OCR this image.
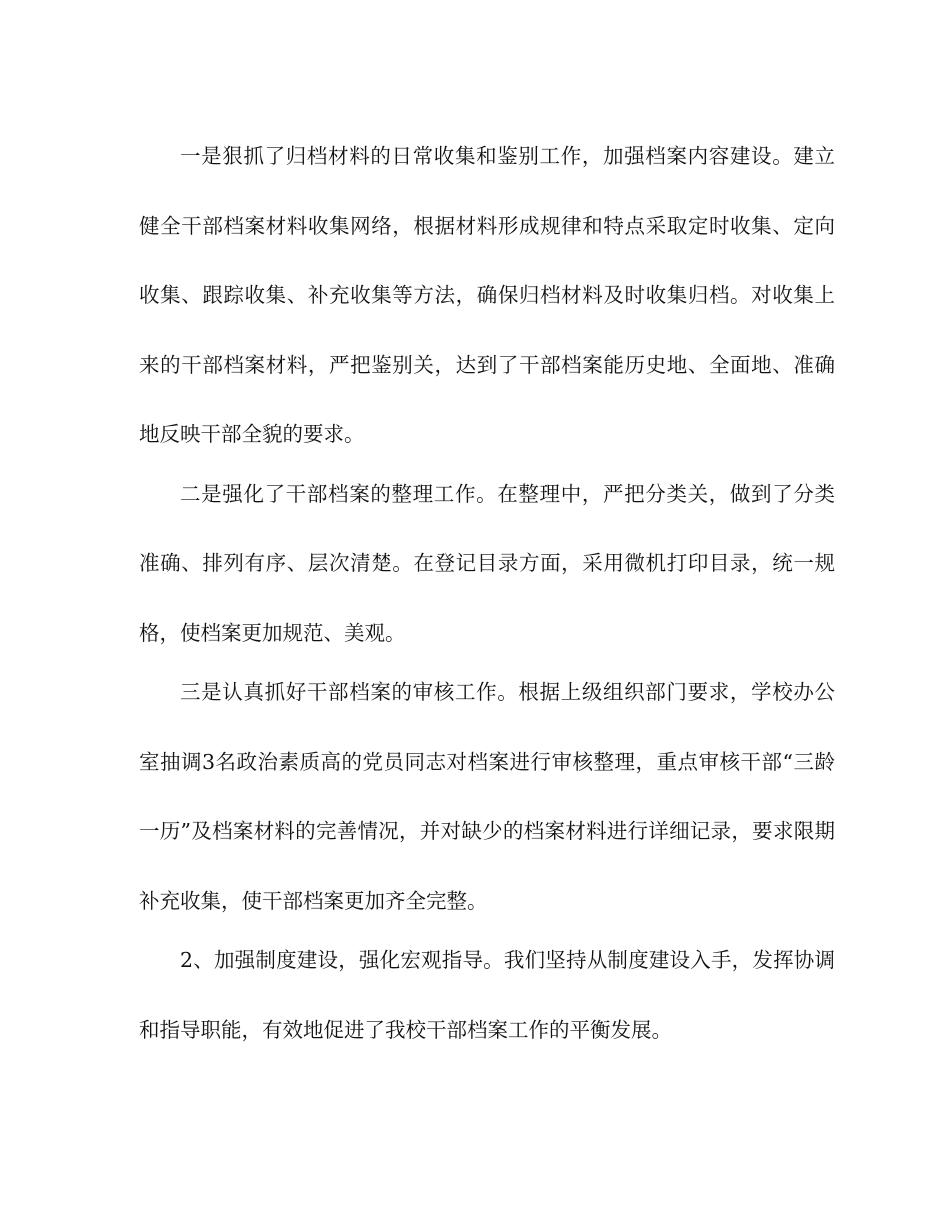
一是狠抓了归档材料的日常收集和鉴别工作，加强档案内容建设。建立健全干部档案材料收集网络，根据材料形成规律和特点采取定时收集、定向收集、跟踪收集、补充收集等方法，确保归档材料及时收集归档。对收集上来的干部档案材料，严把鉴别关，达到了干部档案能历史地、全面地、准确地反映干部全貌的要求。

二是强化了干部档案的整理工作。在整理中，严把分类关，做到了分类准确、排列有序、层次清楚。在登记目录方面，采用微机打印目录，统一规格，使档案更加规范、美观。

三是认真抓好干部档案的审核工作。根据上级组织部门要求，学校办公室抽调3名政治素质高的党员同志对档案进行审核整理，重点审核干部“三龄一历”及档案材料的完善情况，并对缺少的档案材料进行详细记录，要求限期补充收集，使干部档案更加齐全完整。

2、加强制度建设，强化宏观指导。我们坚持从制度建设入手，发挥协调和指导职能，有效地促进了我校干部档案工作的平衡发展。
